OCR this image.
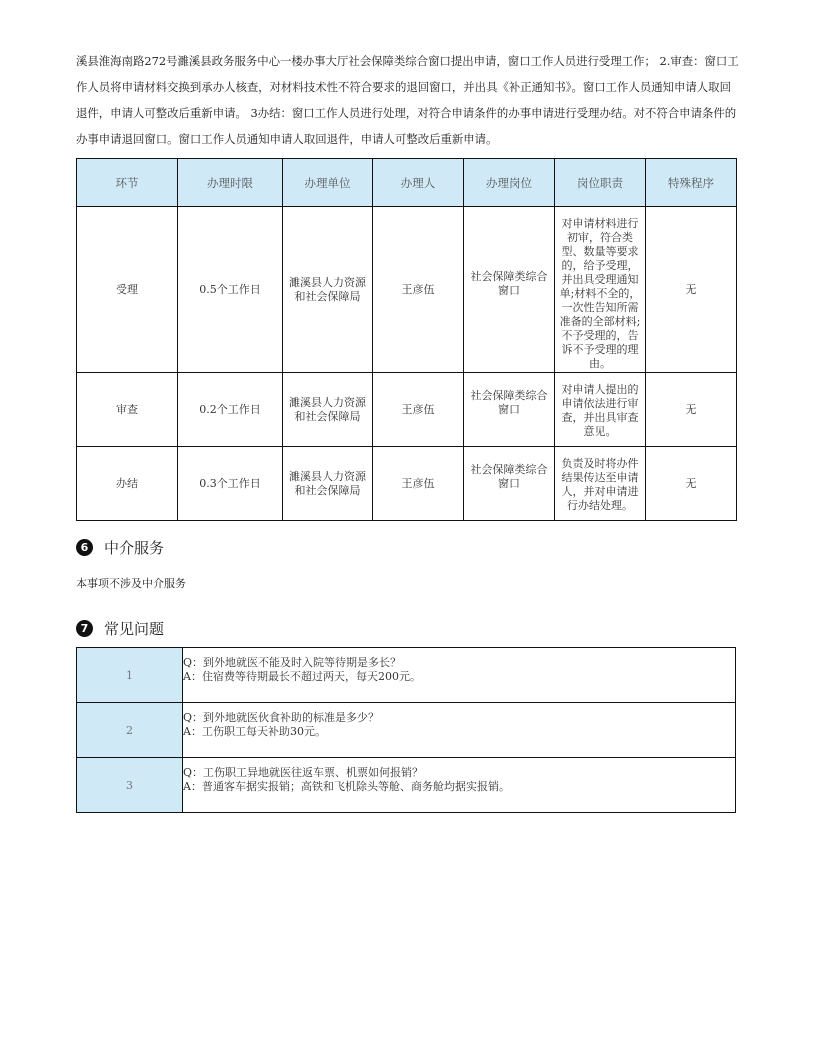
溪县淮海南路272号濉溪县政务服务中心一楼办事大厅社会保障类综合窗口提出申请，窗口工作人员进行受理工作； 2.审查：窗口工
作人员将申请材料交换到承办人核查，对材料技术性不符合要求的退回窗口，并出具《补正通知书》。窗口工作人员通知申请人取回
退件，申请人可整改后重新申请。 3办结：窗口工作人员进行处理，对符合申请条件的办事申请进行受理办结。对不符合申请条件的
办事申请退回窗口。窗口工作人员通知申请人取回退件，申请人可整改后重新申请。
环节	办理时限	办理单位	办理人	办理岗位	岗位职责	特殊程序
受理	0.5个工作日	濉溪县人力资源和社会保障局	王彦伍	社会保障类综合窗口	对申请材料进行初审，符合类型、数量等要求的，给予受理，并出具受理通知单;材料不全的，一次性告知所需准备的全部材料;不予受理的，告诉不予受理的理由。	无
审查	0.2个工作日	濉溪县人力资源和社会保障局	王彦伍	社会保障类综合窗口	对申请人提出的申请依法进行审查，并出具审查意见。	无
办结	0.3个工作日	濉溪县人力资源和社会保障局	王彦伍	社会保障类综合窗口	负责及时将办件结果传达至申请人，并对申请进行办结处理。	无
6	中介服务
本事项不涉及中介服务
7	常见问题
1	Q：到外地就医不能及时入院等待期是多长？
A：住宿费等待期最长不超过两天，每天200元。

2	Q：到外地就医伙食补助的标准是多少？
A：工伤职工每天补助30元。

3	Q：工伤职工异地就医往返车票、机票如何报销？
A：普通客车据实报销；高铁和飞机除头等舱、商务舱均据实报销。
